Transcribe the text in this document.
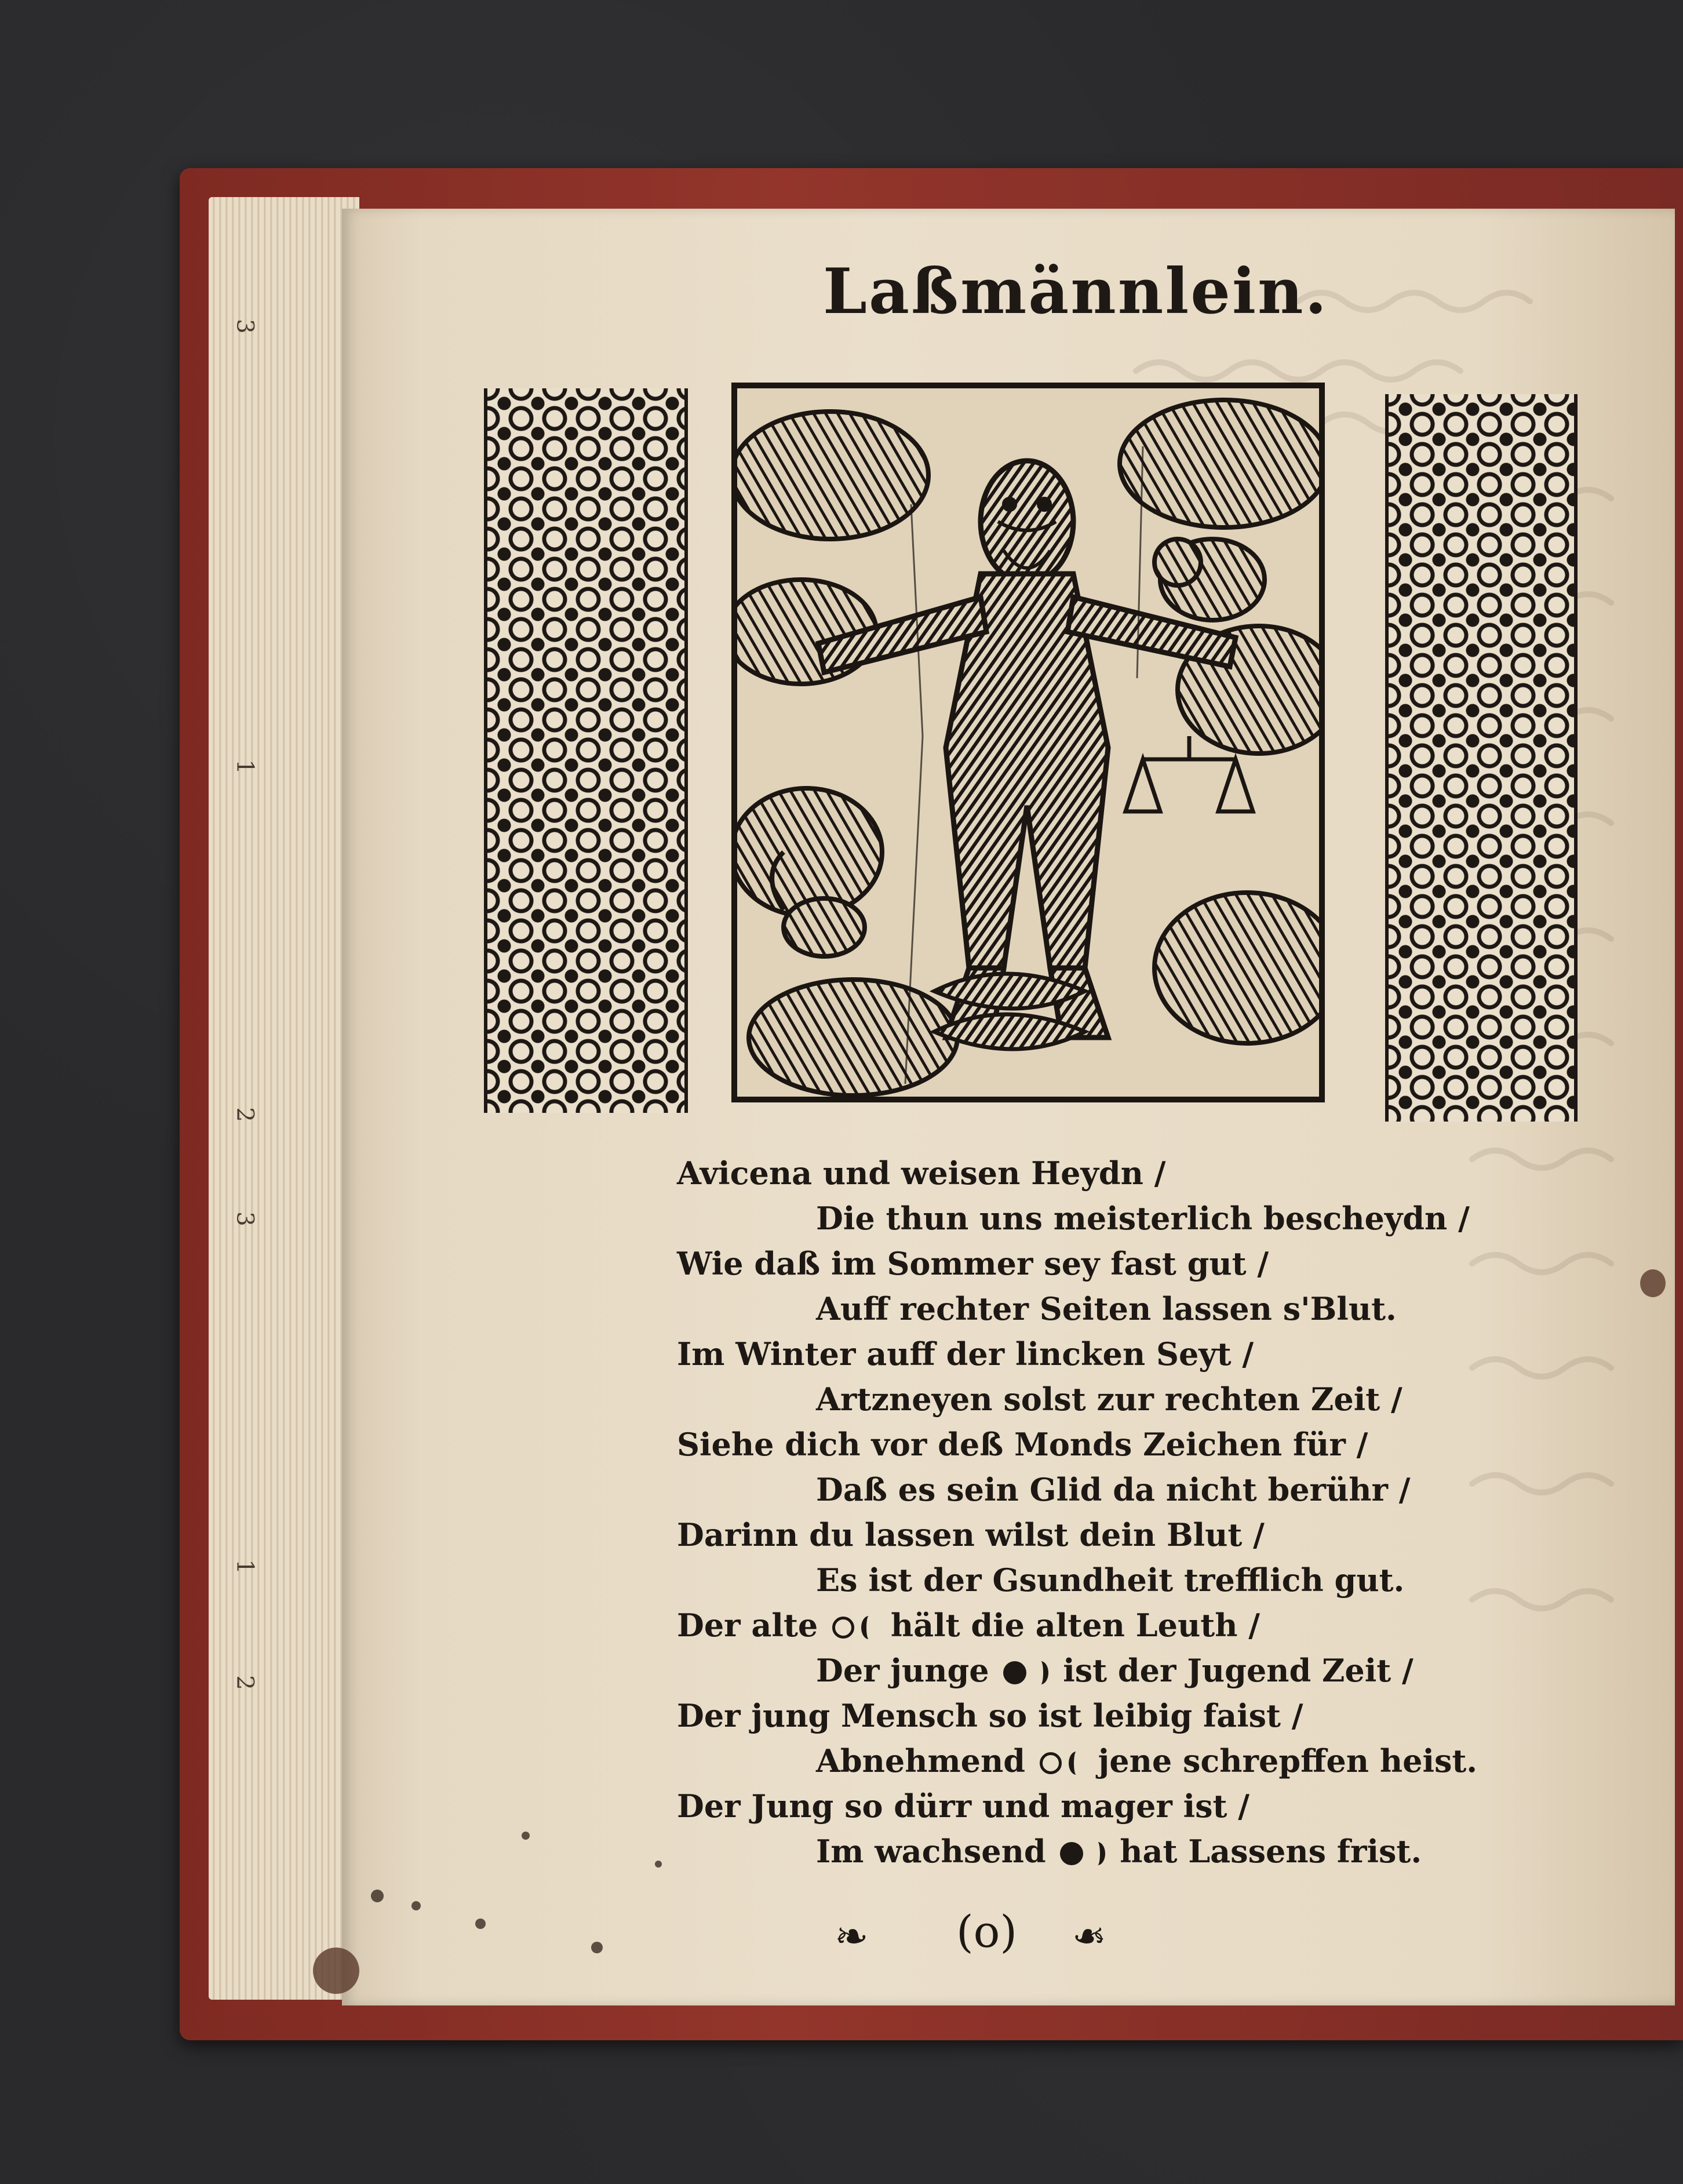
3
1
2
3
1
2
Laßmännlein.
Avicena und weisen Heydn /
Die thun uns meisterlich bescheydn /
Wie daß im Sommer sey fast gut /
Auff rechter Seiten lassen s'Blut.
Im Winter auff der lincken Seyt /
Artzneyen solst zur rechten Zeit /
Siehe dich vor deß Monds Zeichen für /
Daß es sein Glid da nicht berühr /
Darinn du lassen wilst dein Blut /
Es ist der Gsundheit trefflich gut.
Der alte hält die alten Leuth /
Der junge ist der Jugend Zeit /
Der jung Mensch so ist leibig faist /
Abnehmend jene schrepffen heist.
Der Jung so dürr und mager ist /
Im wachsend hat Lassens frist.
❧ (o) ❧
